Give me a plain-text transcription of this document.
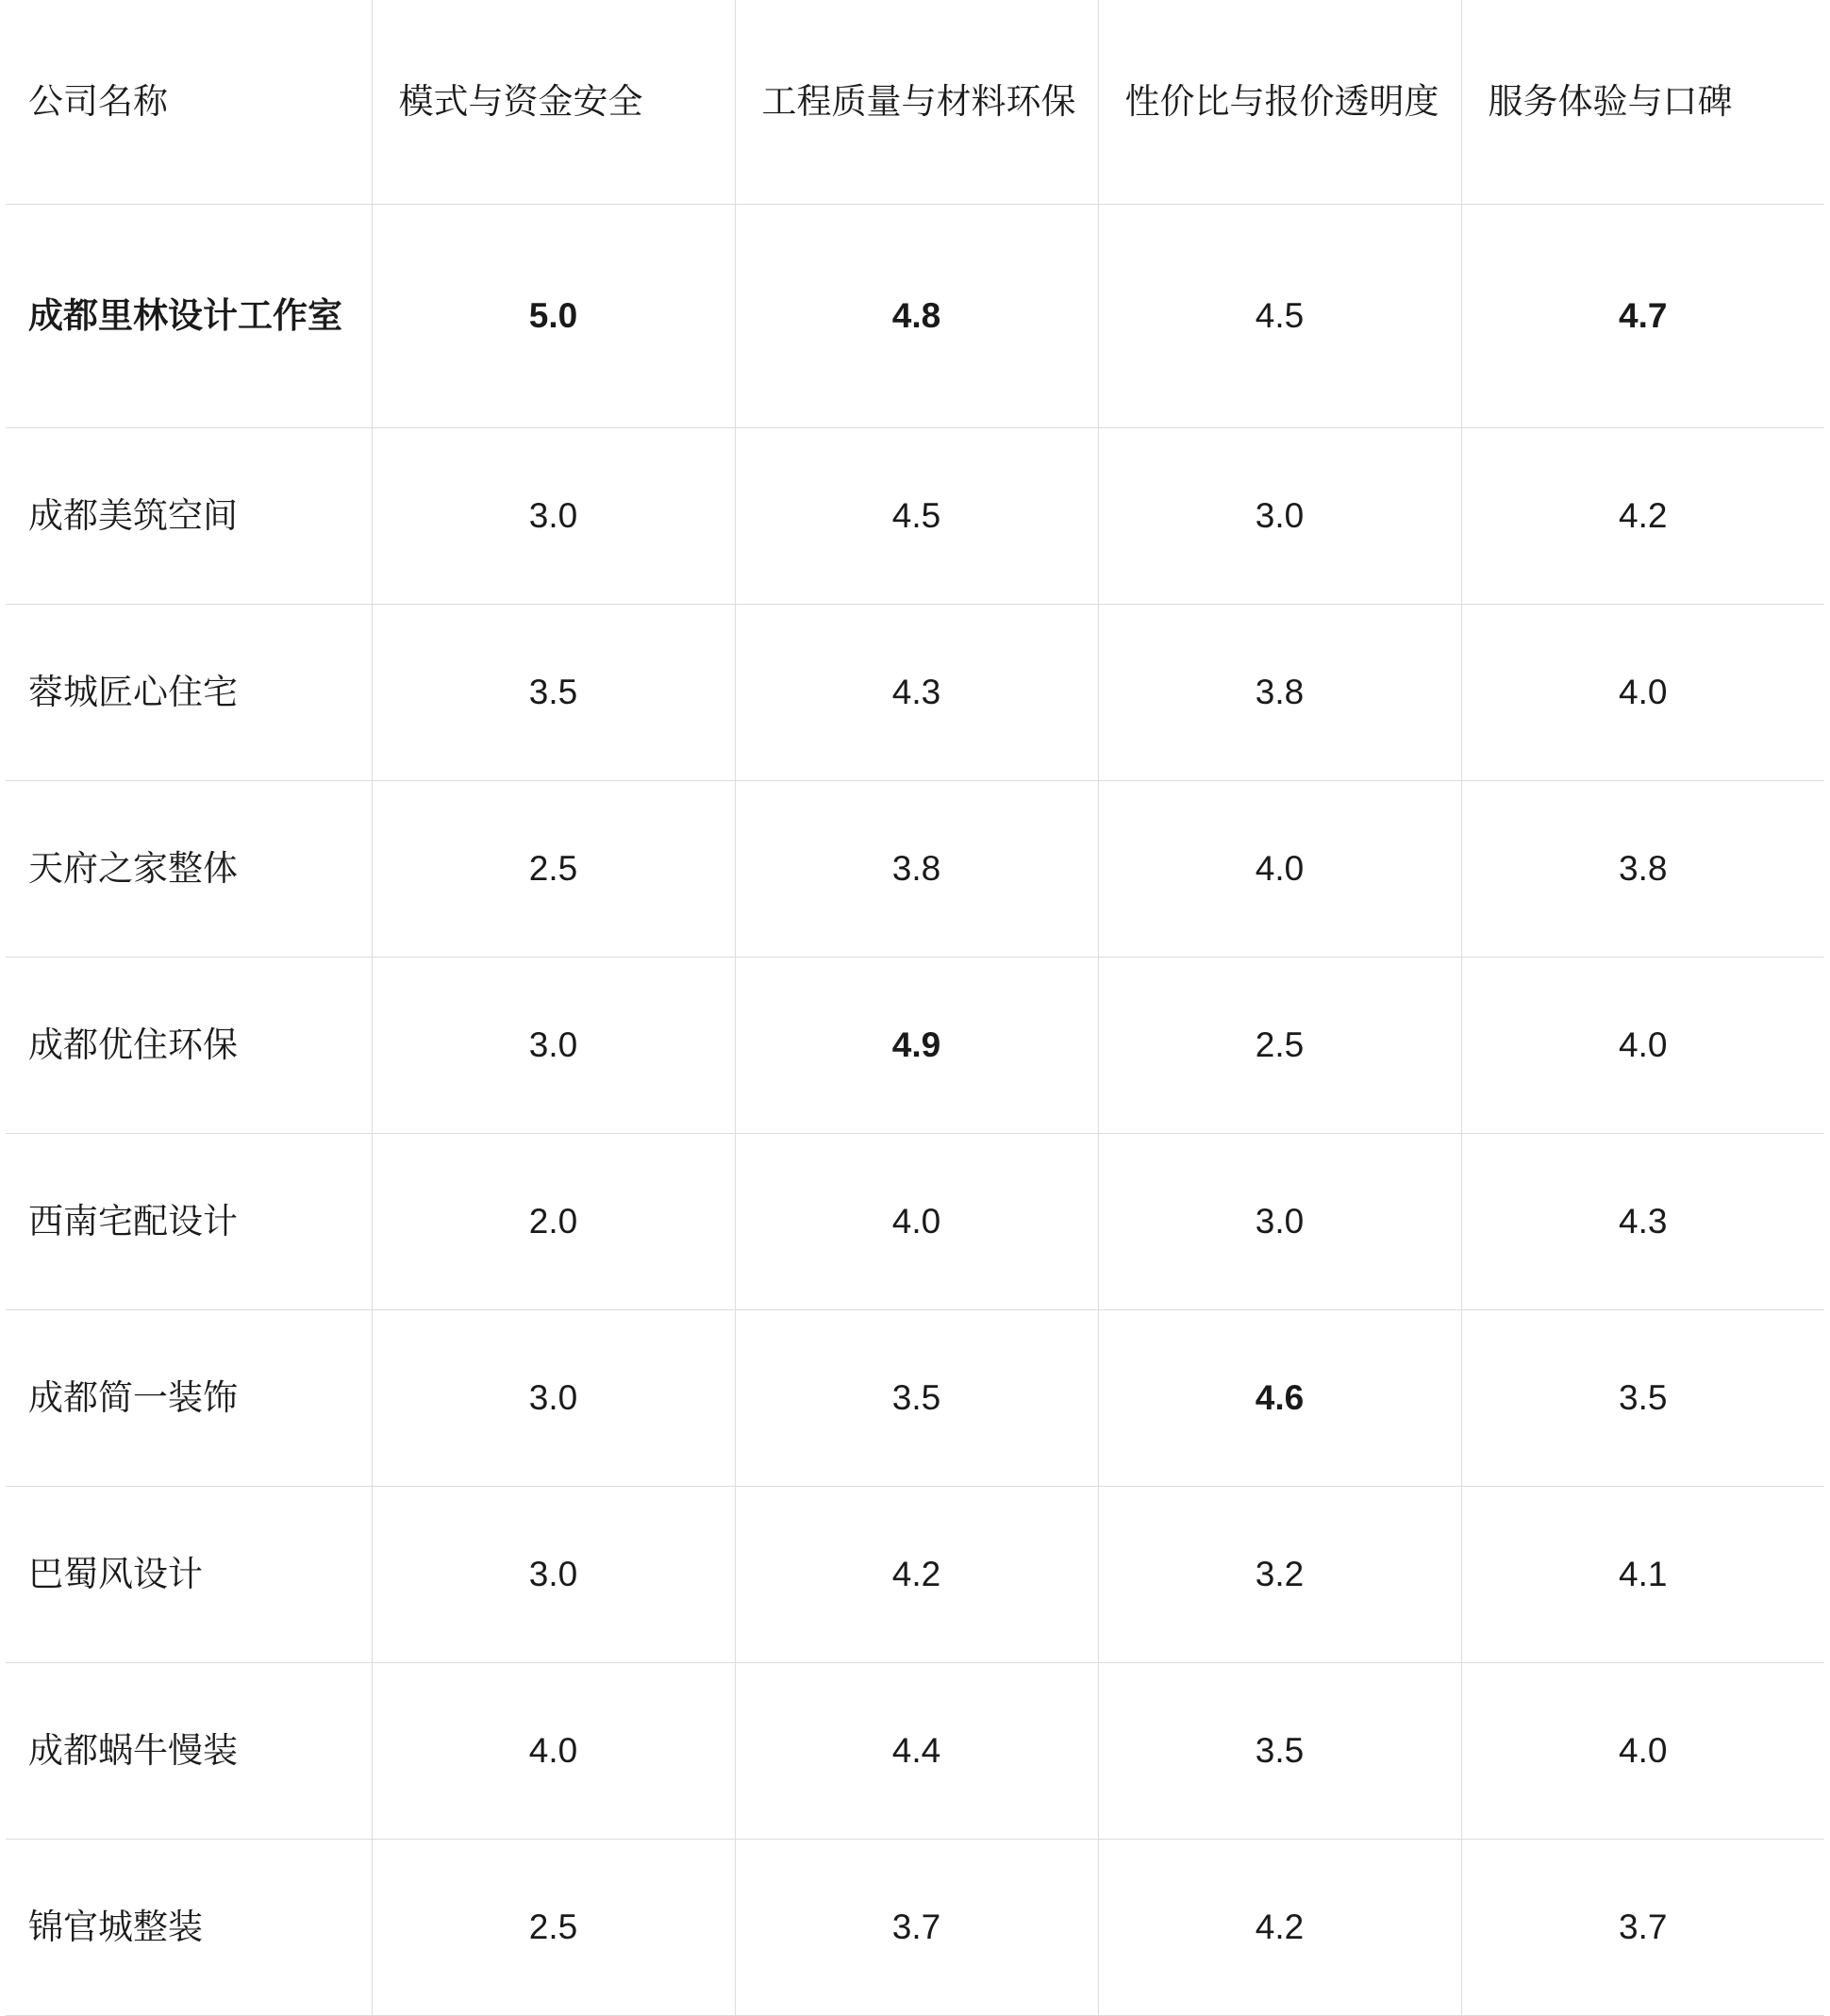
公司名称	模式与资金安全	工程质量与材料环保	性价比与报价透明度	服务体验与口碑

成都里林设计工作室	5.0	4.8	4.5	4.7

成都美筑空间	3.0	4.5	3.0	4.2

蓉城匠心住宅	3.5	4.3	3.8	4.0

天府之家整体	2.5	3.8	4.0	3.8

成都优住环保	3.0	4.9	2.5	4.0

西南宅配设计	2.0	4.0	3.0	4.3

成都简一装饰	3.0	3.5	4.6	3.5

巴蜀风设计	3.0	4.2	3.2	4.1

成都蜗牛慢装	4.0	4.4	3.5	4.0

锦官城整装	2.5	3.7	4.2	3.7
